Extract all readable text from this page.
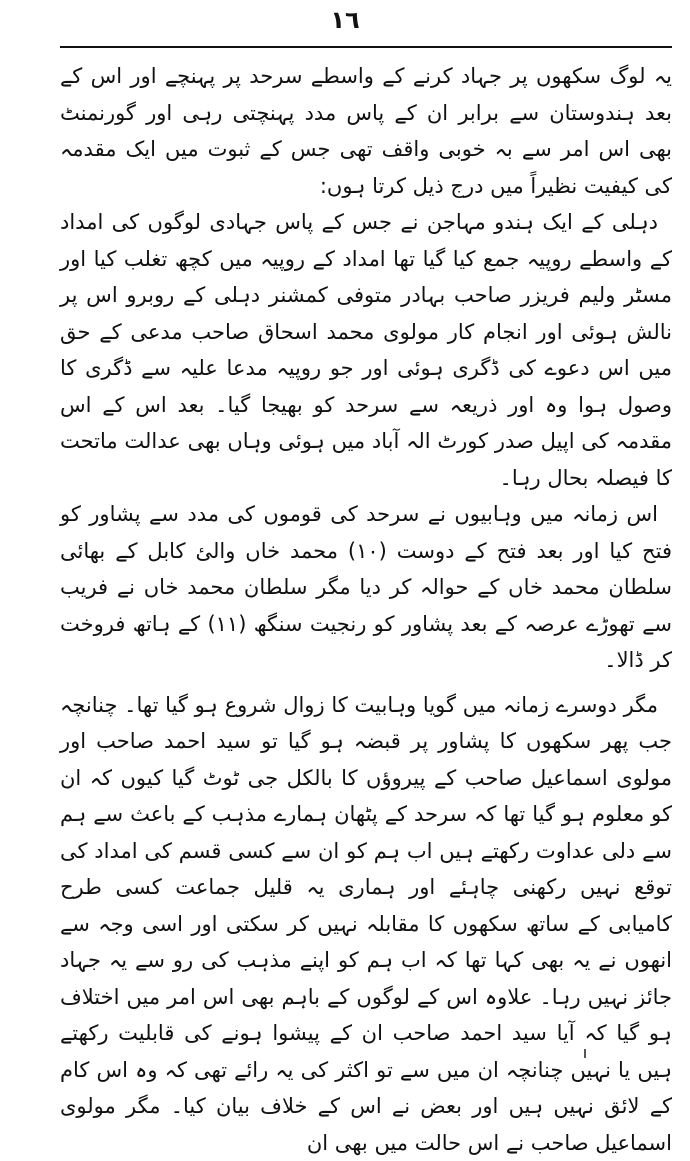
١٦

یہ لوگ سکھوں پر جہاد کرنے کے واسطے سرحد پر پہنچے اور اس کے بعد ہندوستان سے برابر ان کے پاس مدد پہنچتی رہی اور گورنمنٹ بھی اس امر سے بہ خوبی واقف تھی جس کے ثبوت میں ایک مقدمہ کی کیفیت نظیراً میں درج ذیل کرتا ہوں:

دہلی کے ایک ہندو مہاجن نے جس کے پاس جہادی لوگوں کی امداد کے واسطے روپیہ جمع کیا گیا تھا امداد کے روپیہ میں کچھ تغلب کیا اور مسٹر ولیم فریزر صاحب بہادر متوفی کمشنر دہلی کے روبرو اس پر نالش ہوئی اور انجام کار مولوی محمد اسحاق صاحب مدعی کے حق میں اس دعوے کی ڈگری ہوئی اور جو روپیہ مدعا علیہ سے ڈگری کا وصول ہوا وہ اور ذریعہ سے سرحد کو بھیجا گیا۔ بعد اس کے اس مقدمہ کی اپیل صدر کورٹ الہ آباد میں ہوئی وہاں بھی عدالت ماتحت کا فیصلہ بحال رہا۔

اس زمانہ میں وہابیوں نے سرحد کی قوموں کی مدد سے پشاور کو فتح کیا اور بعد فتح کے دوست (۱۰) محمد خاں والئ کابل کے بھائی سلطان محمد خاں کے حوالہ کر دیا مگر سلطان محمد خاں نے فریب سے تھوڑے عرصہ کے بعد پشاور کو رنجیت سنگھ (۱۱) کے ہاتھ فروخت کر ڈالا۔

مگر دوسرے زمانہ میں گویا وہابیت کا زوال شروع ہو گیا تھا۔ چنانچہ جب پھر سکھوں کا پشاور پر قبضہ ہو گیا تو سید احمد صاحب اور مولوی اسماعیل صاحب کے پیروؤں کا بالکل جی ٹوٹ گیا کیوں کہ ان کو معلوم ہو گیا تھا کہ سرحد کے پٹھان ہمارے مذہب کے باعث سے ہم سے دلی عداوت رکھتے ہیں اب ہم کو ان سے کسی قسم کی امداد کی توقع نہیں رکھنی چاہئے اور ہماری یہ قلیل جماعت کسی طرح کامیابی کے ساتھ سکھوں کا مقابلہ نہیں کر سکتی اور اسی وجہ سے انھوں نے یہ بھی کہا تھا کہ اب ہم کو اپنے مذہب کی رو سے یہ جہاد جائز نہیں رہا۔ علاوہ اس کے لوگوں کے باہم بھی اس امر میں اختلاف ہو گیا کہ آیا سید احمد صاحب ان کے پیشوا ہونے کی قابلیت رکھتے ہیں یا نہیں چنانچہ ان میں سے تو اکثر کی یہ رائے تھی کہ وہ اس کام کے لائق نہیں ہیں اور بعض نے اس کے خلاف بیان کیا۔ مگر مولوی اسماعیل صاحب نے اس حالت میں بھی ان
